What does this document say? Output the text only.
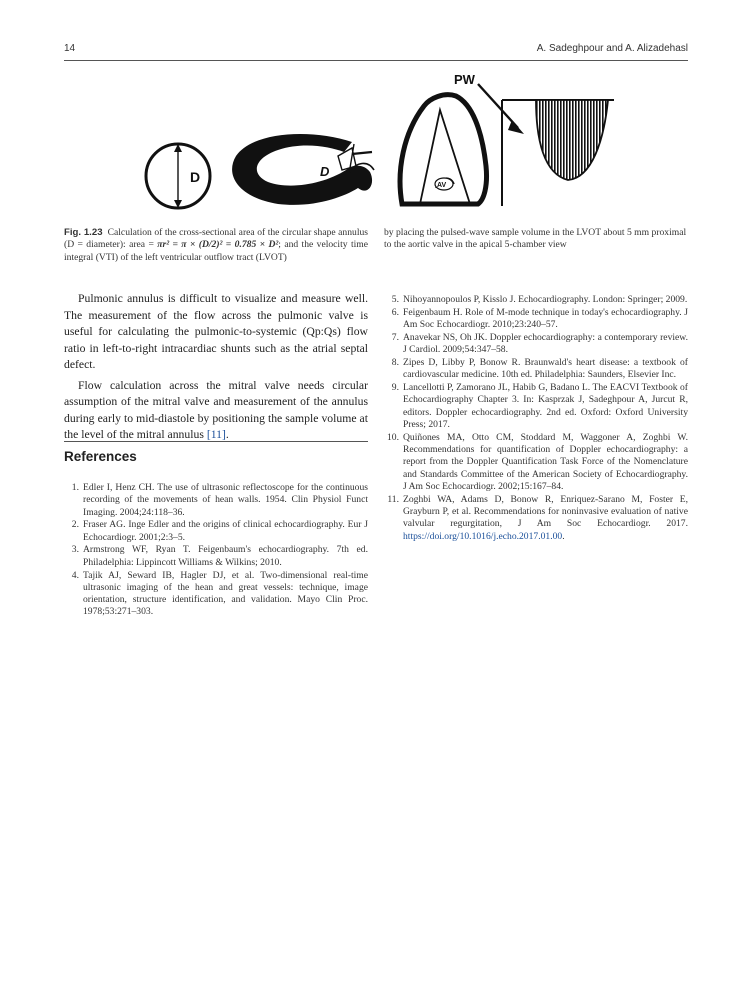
14	A. Sadeghpour and A. Alizadehasl
D	D
AV
PW
Fig. 1.23 Calculation of the cross-sectional area of the circular shape annulus (D = diameter): area = πr² = π × (D/2)² = 0.785 × D²; and the velocity time integral (VTI) of the left ventricular outflow tract (LVOT)
by placing the pulsed-wave sample volume in the LVOT about 5 mm proximal to the aortic valve in the apical 5-chamber view

Pulmonic annulus is difficult to visualize and measure well. The measurement of the flow across the pulmonic valve is useful for calculating the pulmonic-to-systemic (Qp:Qs) flow ratio in left-to-right intracardiac shunts such as the atrial septal defect.

Flow calculation across the mitral valve needs circular assumption of the mitral valve and measurement of the annulus during early to mid-diastole by positioning the sample volume at the level of the mitral annulus [11].

References
1. Edler I, Henz CH. The use of ultrasonic reflectoscope for the continuous recording of the movements of hean walls. 1954. Clin Physiol Funct Imaging. 2004;24:118–36.
2. Fraser AG. Inge Edler and the origins of clinical echocardiography. Eur J Echocardiogr. 2001;2:3–5.
3. Armstrong WF, Ryan T. Feigenbaum's echocardiography. 7th ed. Philadelphia: Lippincott Williams & Wilkins; 2010.
4. Tajik AJ, Seward IB, Hagler DJ, et al. Two-dimensional real-time ultrasonic imaging of the hean and great vessels: technique, image orientation, structure identification, and validation. Mayo Clin Proc. 1978;53:271–303.
5. Nihoyannopoulos P, Kisslo J. Echocardiography. London: Springer; 2009.
6. Feigenbaum H. Role of M-mode technique in today's echocardiography. J Am Soc Echocardiogr. 2010;23:240–57.
7. Anavekar NS, Oh JK. Doppler echocardiography: a contemporary review. J Cardiol. 2009;54:347–58.
8. Zipes D, Libby P, Bonow R. Braunwald's heart disease: a textbook of cardiovascular medicine. 10th ed. Philadelphia: Saunders, Elsevier Inc.
9. Lancellotti P, Zamorano JL, Habib G, Badano L. The EACVI Textbook of Echocardiography Chapter 3. In: Kasprzak J, Sadeghpour A, Jurcut R, editors. Doppler echocardiography. 2nd ed. Oxford: Oxford University Press; 2017.
10. Quiñones MA, Otto CM, Stoddard M, Waggoner A, Zoghbi W. Recommendations for quantification of Doppler echocardiography: a report from the Doppler Quantification Task Force of the Nomenclature and Standards Committee of the American Society of Echocardiography. J Am Soc Echocardiogr. 2002;15:167–84.
11. Zoghbi WA, Adams D, Bonow R, Enriquez-Sarano M, Foster E, Grayburn P, et al. Recommendations for noninvasive evaluation of native valvular regurgitation, J Am Soc Echocardiogr. 2017. https://doi.org/10.1016/j.echo.2017.01.00.
